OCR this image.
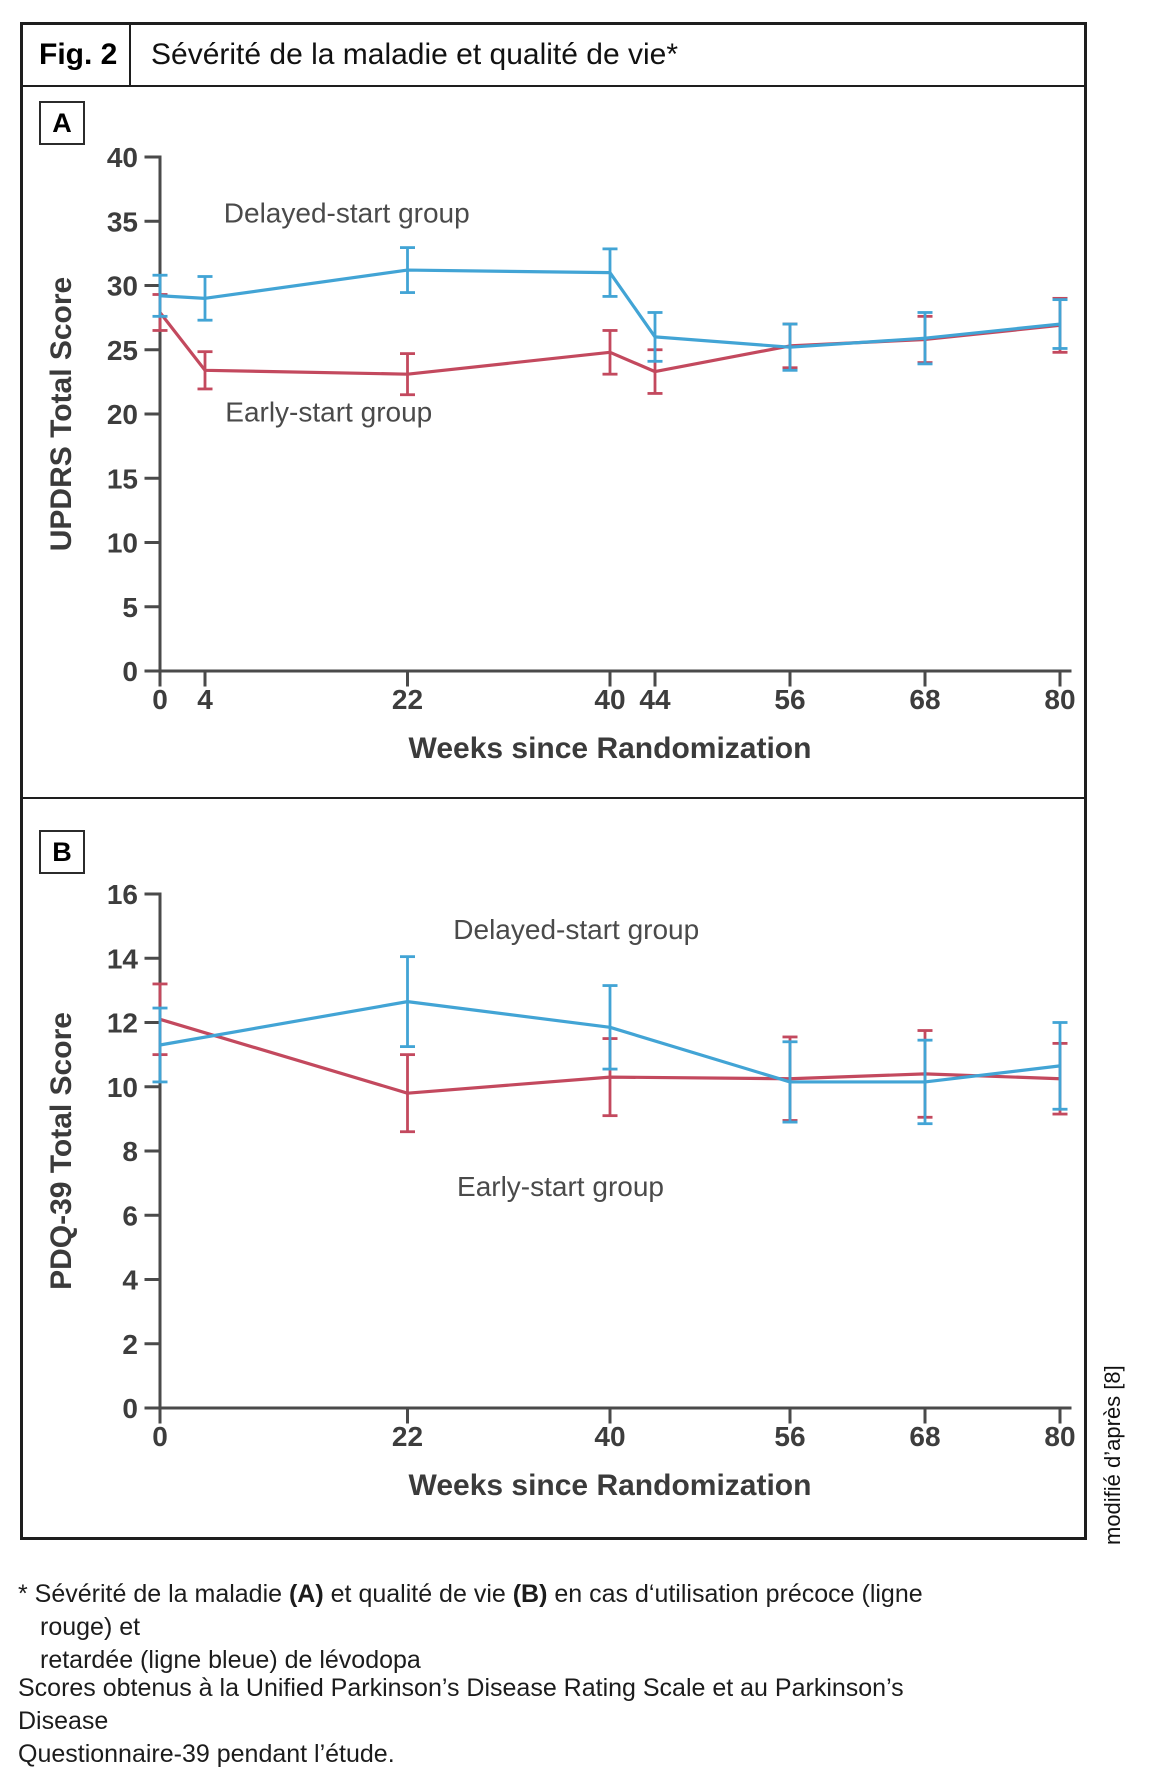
Fig. 2 Sévérité de la maladie et qualité de vie*
A
0
5
10
15
20
25
30
35
40
0 4	22	40 44	56	68	80
Weeks since Randomization
UPDRS Total Score	Early-start group
Delayed-start group
B
0
2
4
6
8
10
12
14
16
0	22	40	56	68	80
Weeks since Randomization
PDQ-39 Total Score	Early-start group
Delayed-start group
modifié d’après [8]
* Sévérité de la maladie (A) et qualité de vie (B) en cas d‘utilisation précoce (ligne rouge) et
retardée (ligne bleue) de lévodopa
Scores obtenus à la Unified Parkinson’s Disease Rating Scale et au Parkinson’s Disease
Questionnaire-39 pendant l’étude.
